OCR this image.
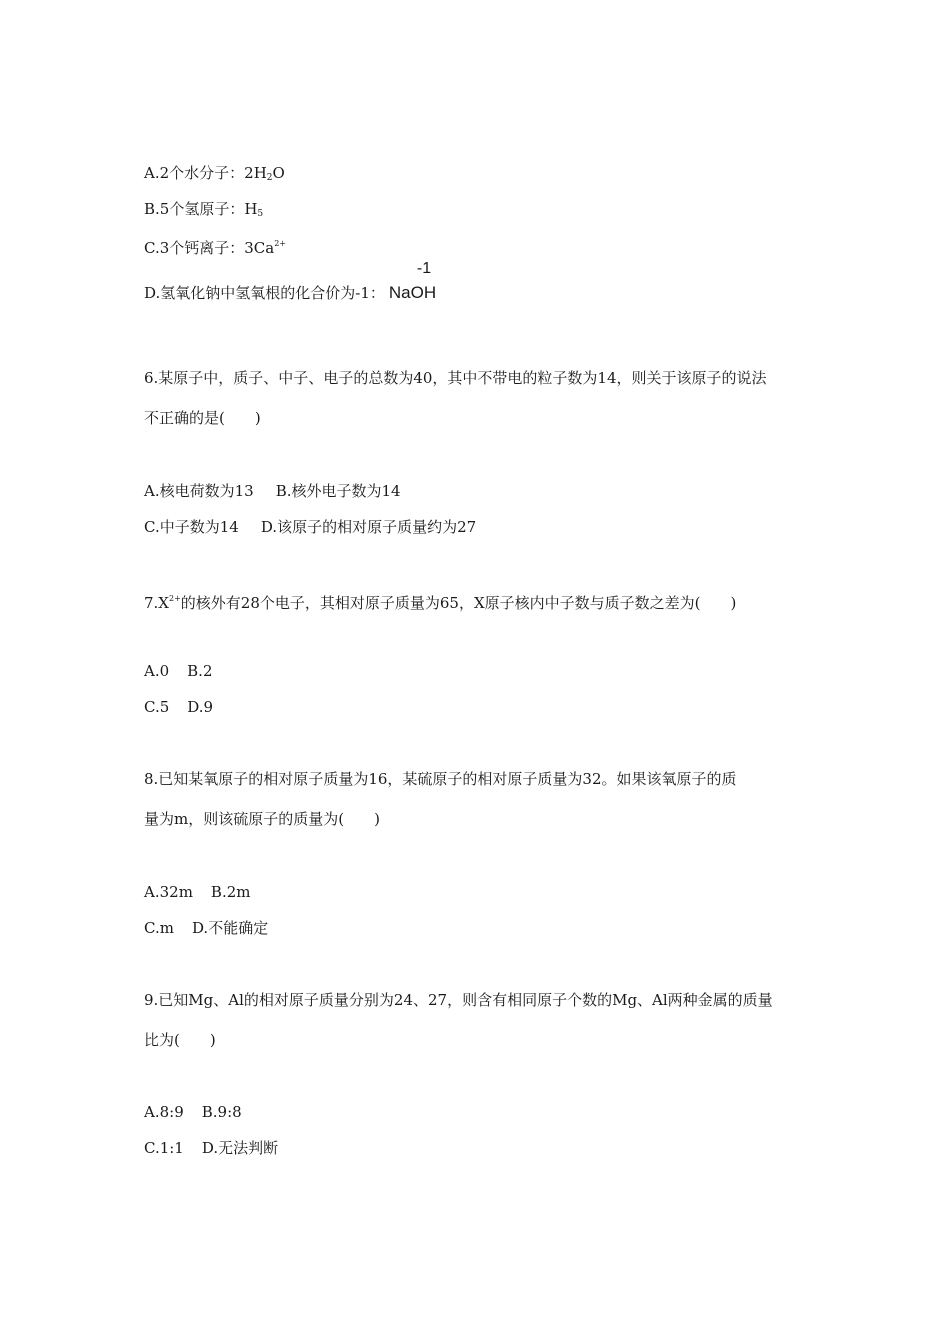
A.2个水分子：$2H_2O$
B.5个氢原子：$H_5$
C.3个钙离子：$3Ca^{2+}$
D.氢氧化钠中氢氧根的化合价为-1：
-1
NaOH
6.某原子中，质子、中子、电子的总数为40，其中不带电的粒子数为14，则关于该原子的说法
不正确的是(　　)
A.核电荷数为13 B.核外电子数为14
C.中子数为14 D.该原子的相对原子质量约为27
$7.X^{2+}$的核外有28个电子，其相对原子质量为65，X原子核内中子数与质子数之差为(　　)
A.0 B.2
C.5 D.9
8.已知某氧原子的相对原子质量为16，某硫原子的相对原子质量为32。如果该氧原子的质
量为m，则该硫原子的质量为(　　)
A.32m B.2m
C.m D.不能确定
9.已知Mg、Al的相对原子质量分别为24、27，则含有相同原子个数的Mg、Al两种金属的质量
比为(　　)
A.8:9 B.9:8
C.1:1 D.无法判断
